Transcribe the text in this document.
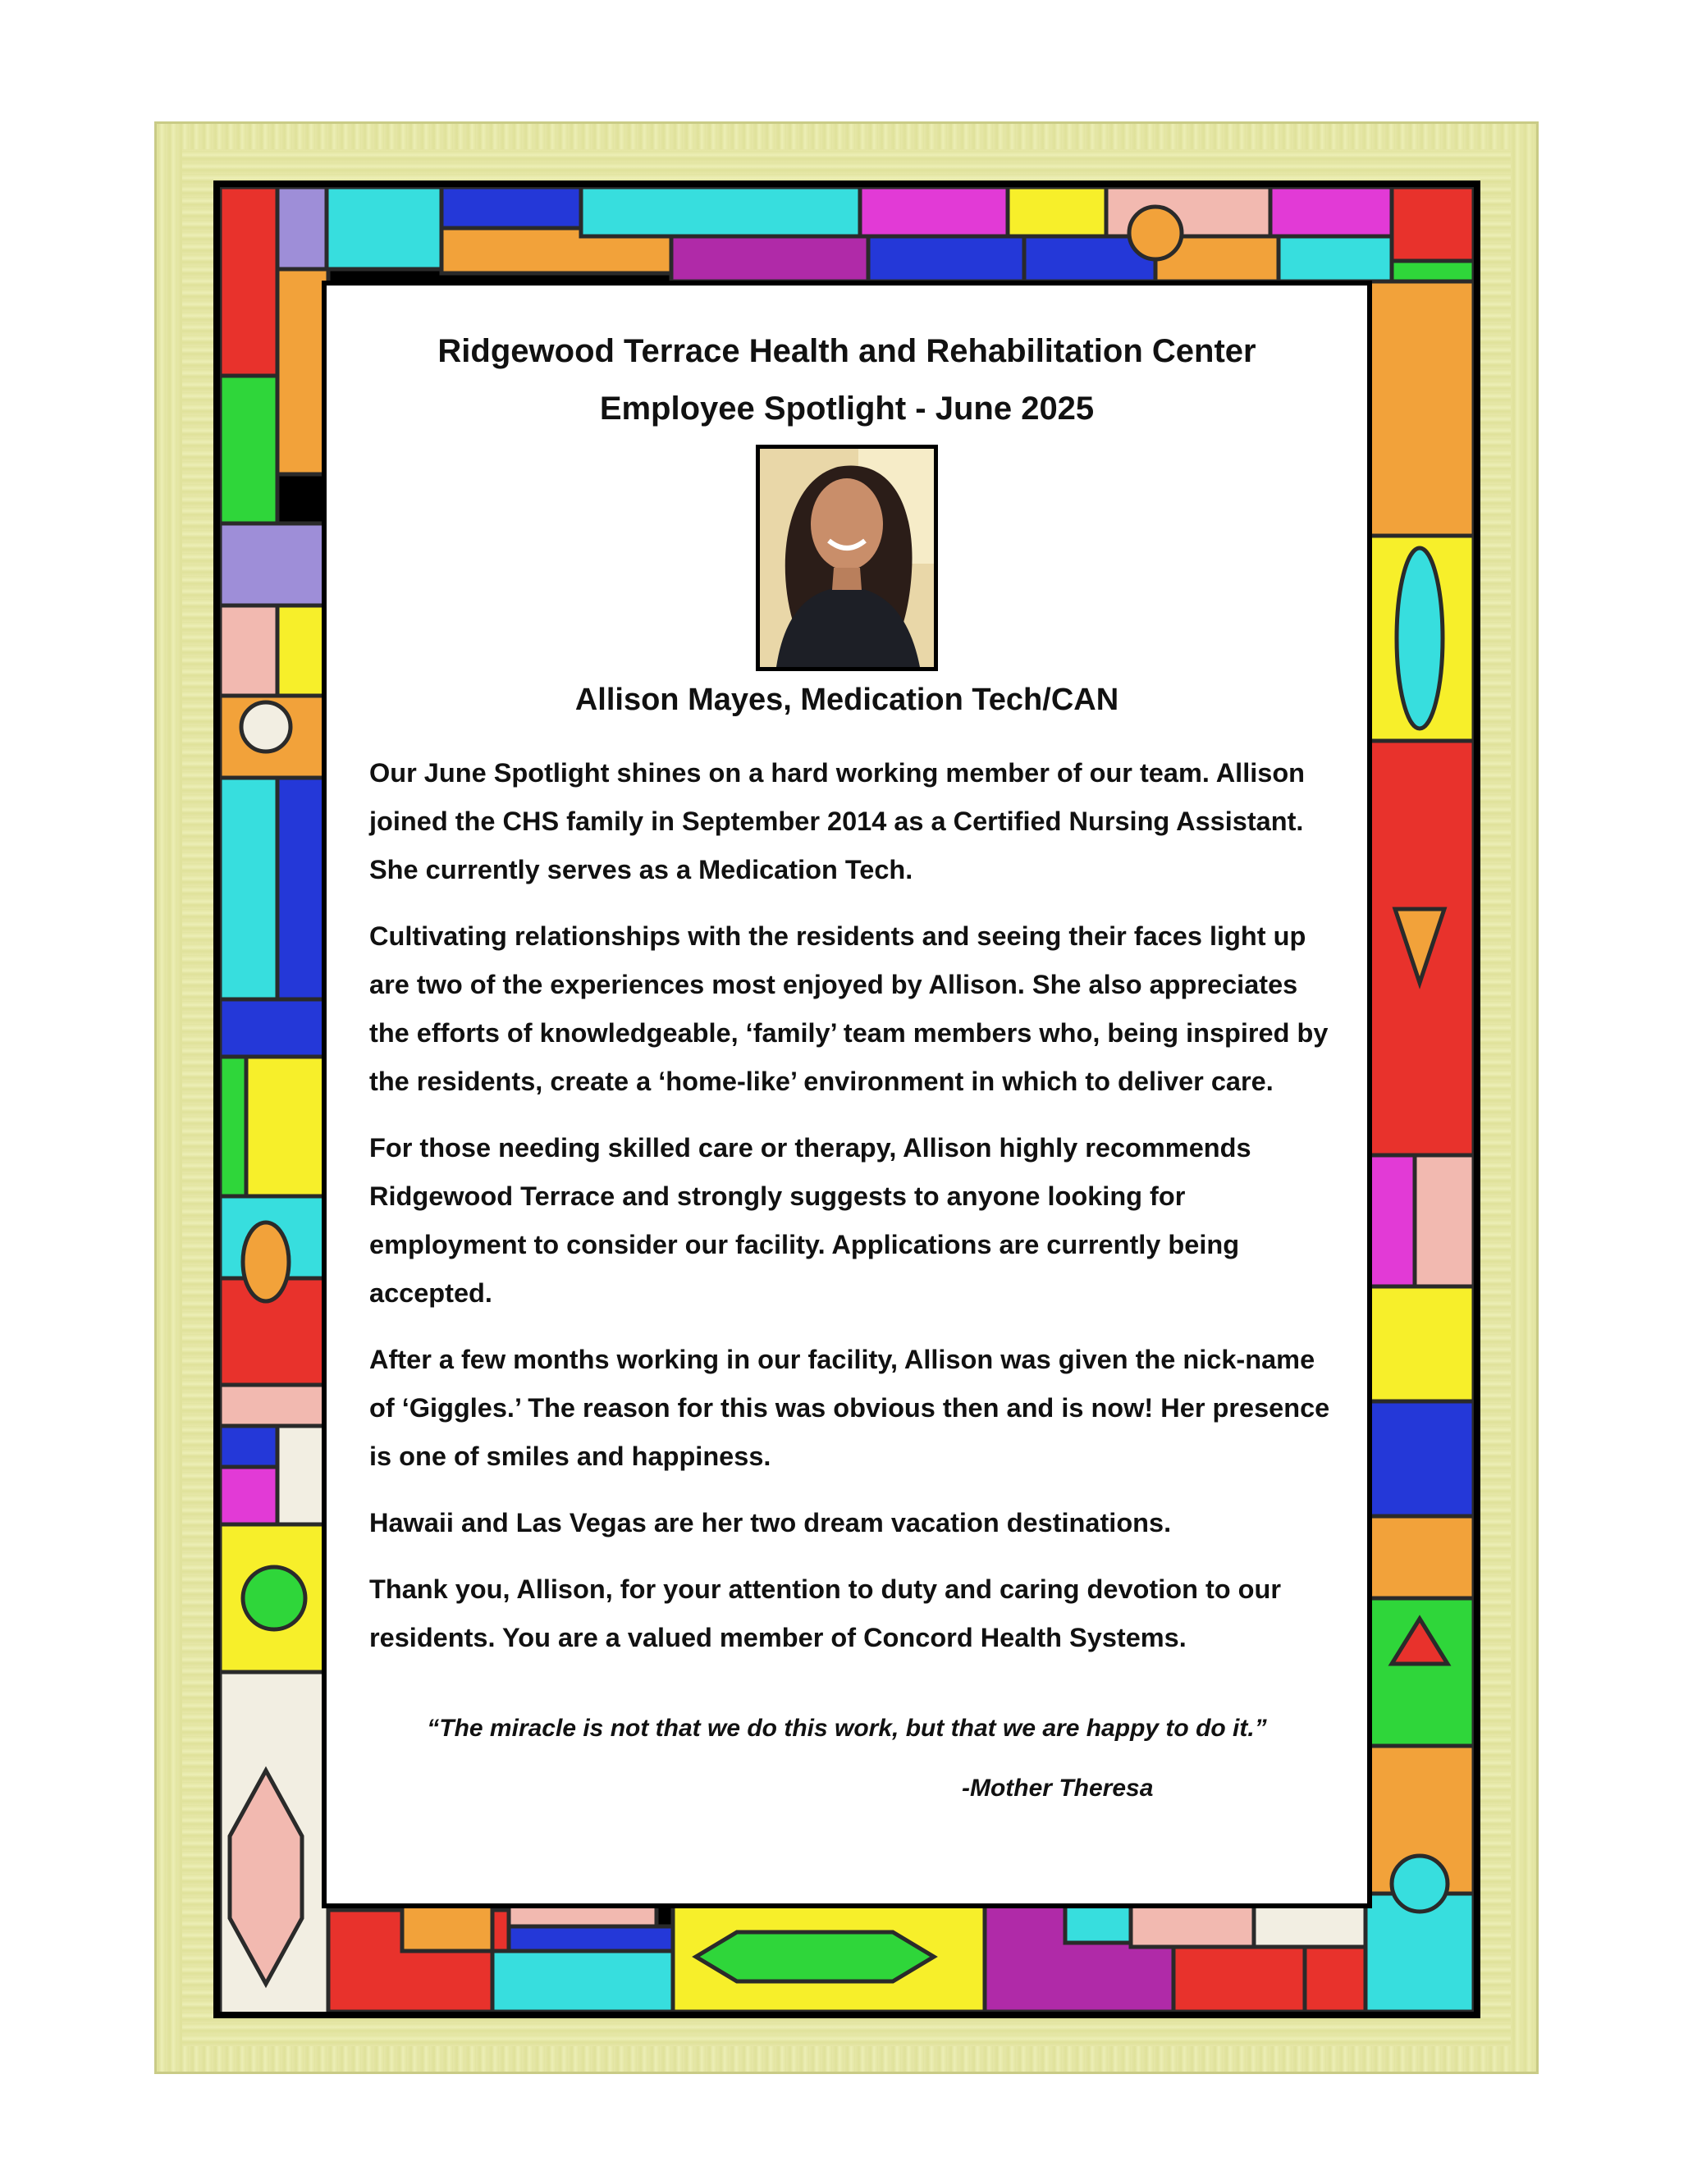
Ridgewood Terrace Health and Rehabilitation Center
Employee Spotlight - June 2025
Allison Mayes, Medication Tech/CAN

Our June Spotlight shines on a hard working member of our team. Allison joined the CHS family in September 2014 as a Certified Nursing Assistant. She currently serves as a Medication Tech.

Cultivating relationships with the residents and seeing their faces light up are two of the experiences most enjoyed by Allison. She also appreciates the efforts of knowledgeable, ‘family’ team members who, being inspired by the residents, create a ‘home-like’ environment in which to deliver care.

For those needing skilled care or therapy, Allison highly recommends Ridgewood Terrace and strongly suggests to anyone looking for employment to consider our facility. Applications are currently being accepted.

After a few months working in our facility, Allison was given the nick-name of ‘Giggles.’ The reason for this was obvious then and is now! Her presence is one of smiles and happiness.

Hawaii and Las Vegas are her two dream vacation destinations.

Thank you, Allison, for your attention to duty and caring devotion to our residents. You are a valued member of Concord Health Systems.

“The miracle is not that we do this work, but that we are happy to do it.”
-Mother Theresa
